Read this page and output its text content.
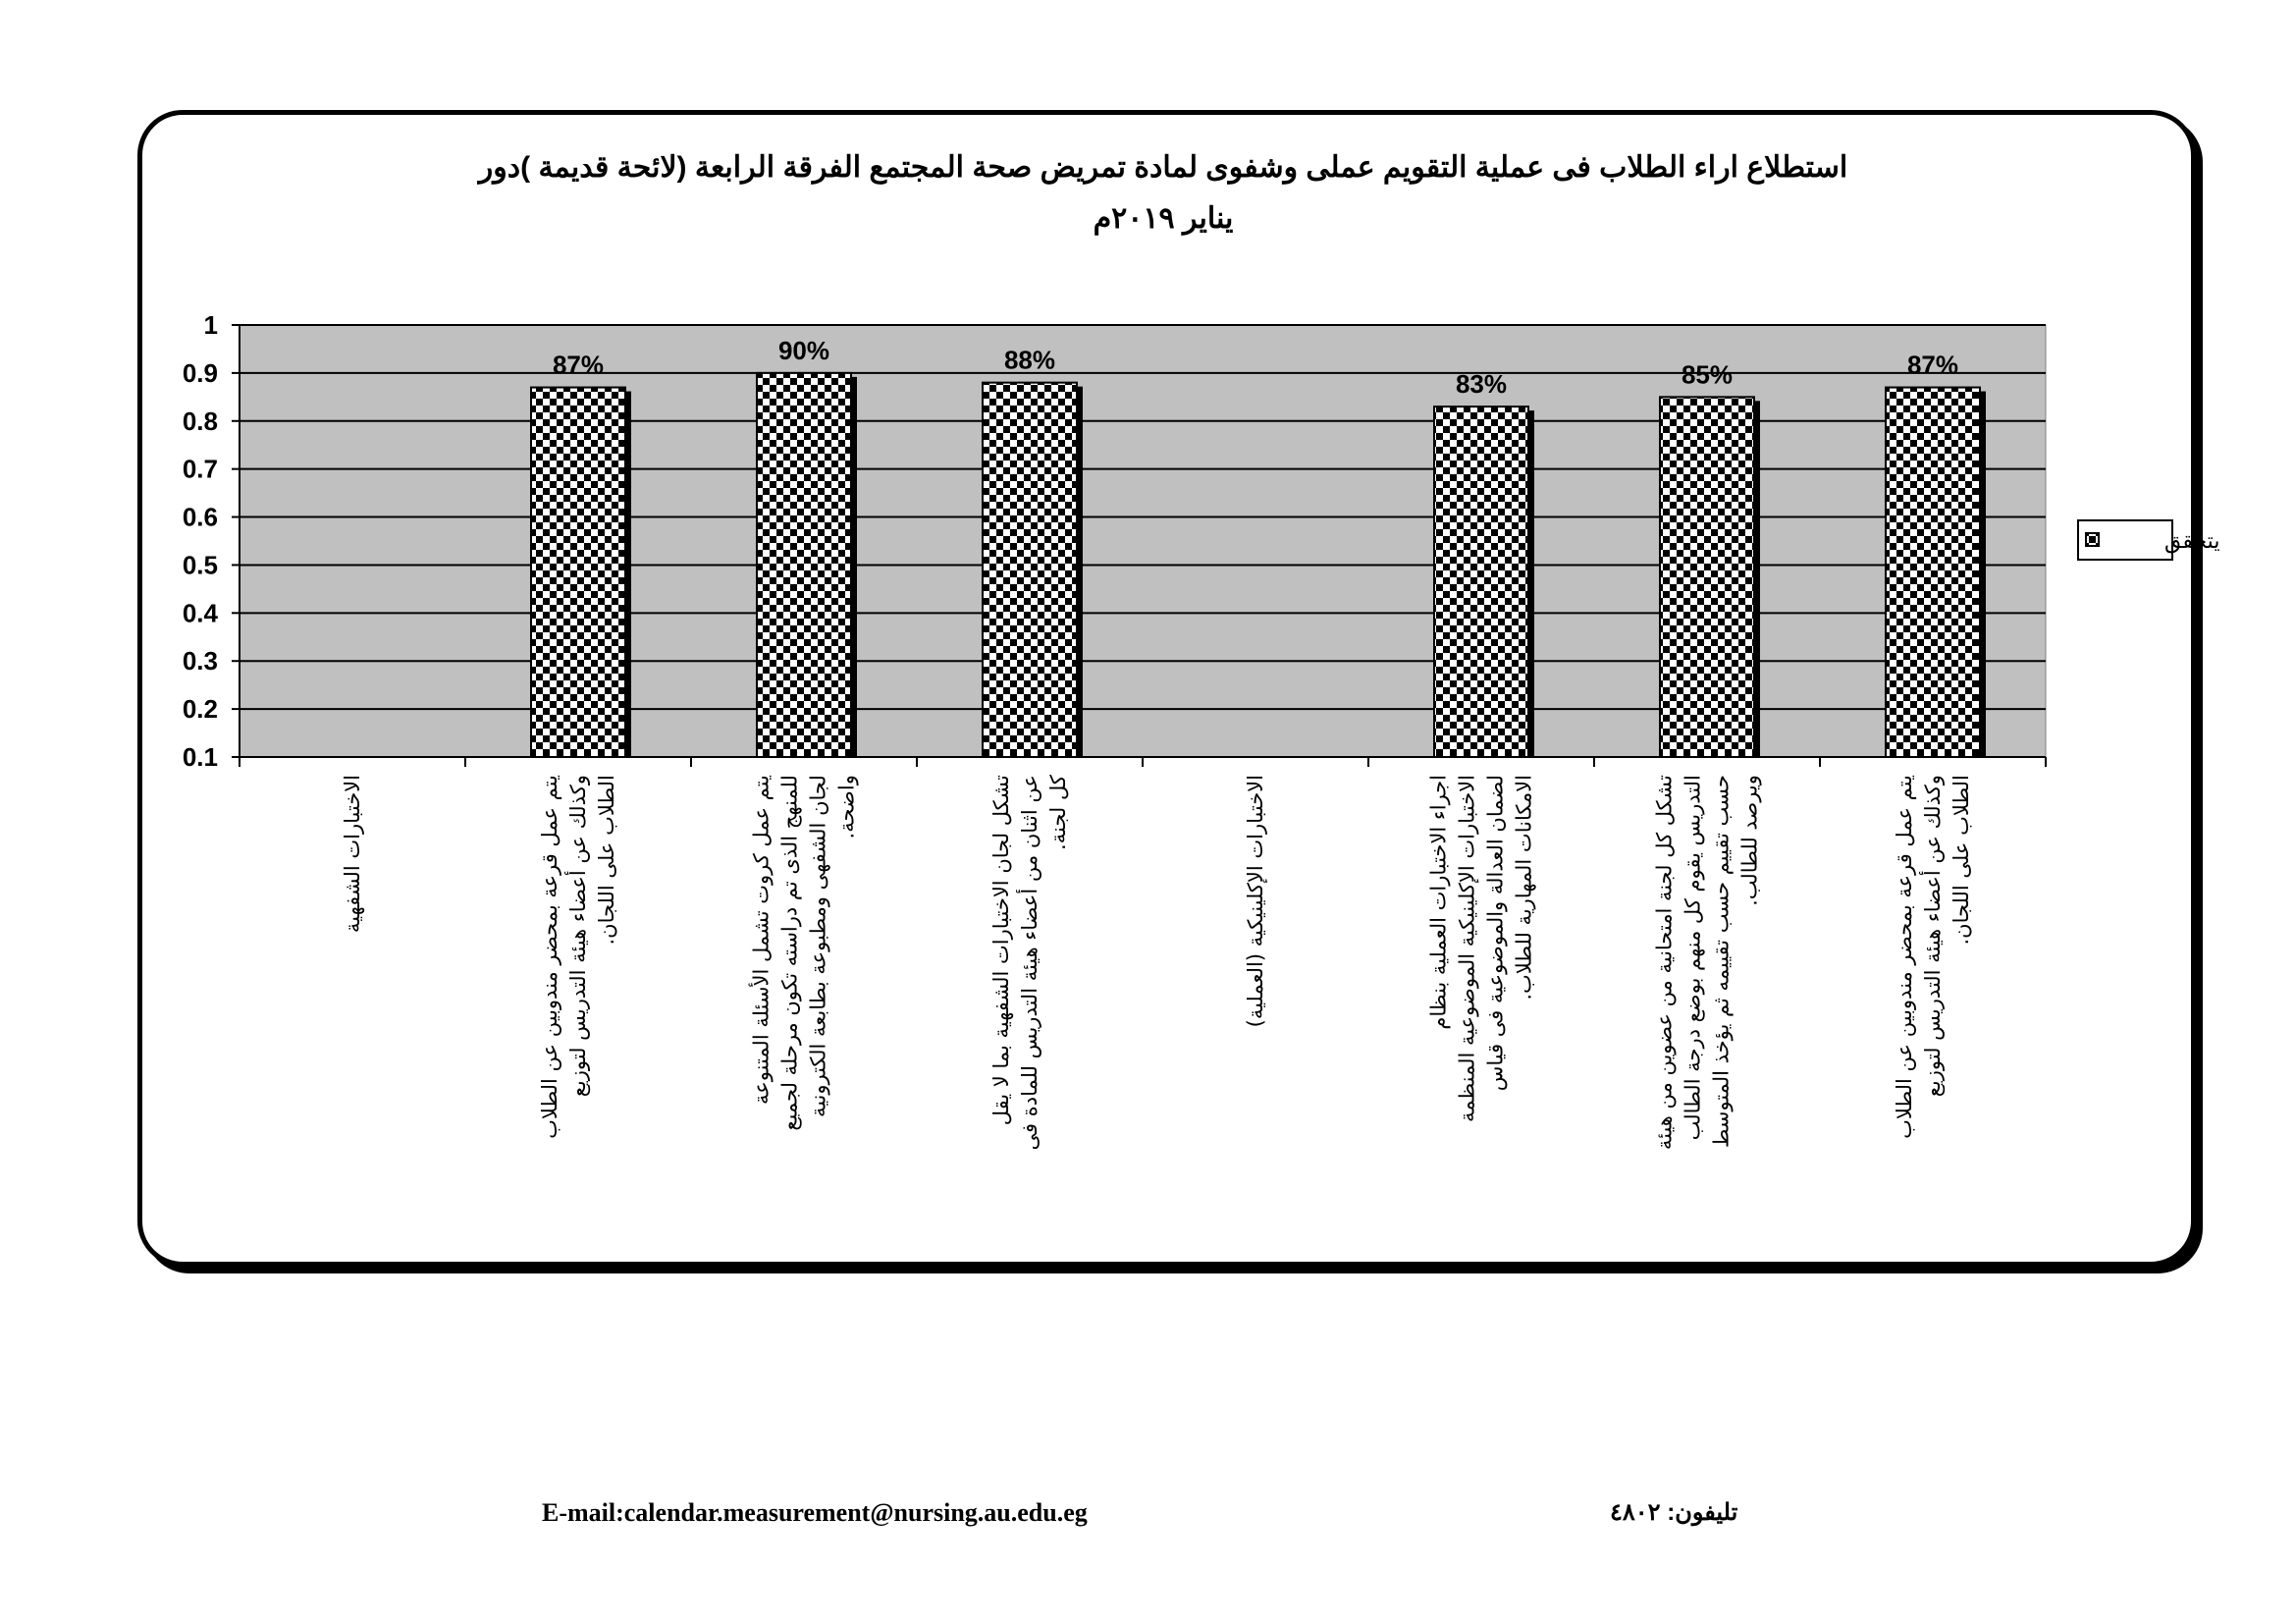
استطلاع اراء الطلاب فى عملية التقويم عملى وشفوى لمادة تمريض صحة المجتمع الفرقة الرابعة (لائحة قديمة )دور
يناير ٢٠١٩م
0.1
0.2
0.3
0.4
0.5
0.6
0.7
0.8
0.9
1
87%	90%	88%
83%	85%	87%
الاختبارات الشفهية	يتم عمل قرعة بمحضر مندوبين عن الطلاب وكذلك عن أعضاء هيئة التدريس لتوزيع الطلاب على اللجان.	يتم عمل كروت تشمل الأسئلة المتنوعة للمنهج الذى تم دراسته تكون مرحلة لجميع لجان الشفهى ومطبوعة بطابعة الكترونية واضحة.	تشكل لجان الاختبارات الشفهية بما لا يقل عن اثنان من أعضاء هيئة التدريس للمادة فى كل لجنة.	الاختبارات الإكلينيكية (العملية)	اجراء الاختبارات العملية بنظام الاختبارات الإكلينيكية الموضوعية المنظمة لضمان العدالة والموضوعية فى قياس الامكانات المهارية للطلاب.	تشكل كل لجنة امتحانية من عضوين من هيئة التدريس يقوم كل منهم بوضع درجة الطالب حسب تقييم حسب تقييمه ثم يؤخذ المتوسط ويرصد للطالب.	يتم عمل قرعة بمحضر مندوبين عن الطلاب وكذلك عن أعضاء هيئة التدريس لتوزيع الطلاب على اللجان.
يتحقق
E-mail:calendar.measurement@nursing.au.edu.eg	تليفون: ٤٨٠٢
